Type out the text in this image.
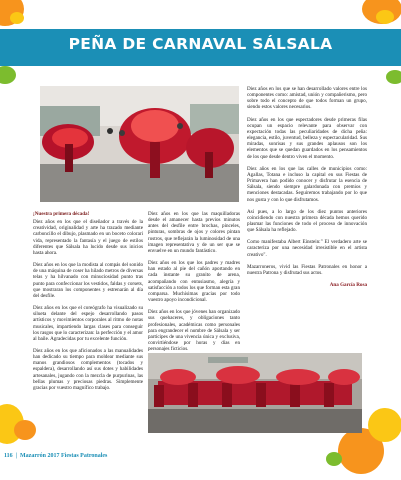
PEÑA DE CARNAVAL SÁLSALA

Diez años en los que se han desarrollado valores entre los componentes como: amistad, unión y compañerismo, pero sobre todo el concepto de que todos forman un grupo, siendo estos valores necesarios.

Diez años en los que espectadores desde primeras filas ocupan un espacio relevante para observar con expectación todas las peculiaridades de dicha peña: elegancia, estilo, juventud, belleza y espectacularidad. Sus miradas, sonrisas y sus grandes aplausos son los elementos que se quedan guardados en los pensamientos de los que desde dentro viven el momento.

Diez años en los que las calles de municipios como: Agallas, Totana e incluso la capital en sus Fiestas de Primavera han podido conocer y disfrutar la esencia de Sálsala, siendo siempre galardonada con premios y menciones destacadas. Seguiremos trabajando por lo que nos gusta y con lo que disfrutamos.

Así pues, a lo largo de los diez puntos anteriores coincidiendo con nuestra primera década hemos querido plasmar las funciones de todo el proceso de innovación que Sálsala ha reflejado.

Como manifestaba Albert Einstein:" El verdadero arte se caracteriza por una necesidad irresistible en el artista creativo".

Mazarroneros, vivid las Fiestas Patronales en honor a nuestra Patrona y disfrutad sus actos.

Ana García Rosa

¡Nuestra primera década!

Diez años en los que el diseñador a través de la creatividad, originalidad y arte ha trazado mediante carboncillo el dibujo, plasmado en un boceto colorari vida, representado la fantasía y el juego de estilos diferentes que Sálsala ha lucido desde sus inicios hasta ahora.

Diez años en los que la modista al compás del sonido de una máquina de coser ha hilado metros de diversas telas y ha hilvanado con minuciosidad punto tras punto para confeccionar los vestidos, faldas y corsets, que mostraran los componentes y estrenarán al día del desfile.

Diez años en los que el coreógrafo ha visualizado su silueta delante del espejo desarrollando pasos artísticos y movimientos corporales al ritmo de notas musicales, impartiendo largas clases para conseguir los rasgos que lo caracterizan: la perfección y el amor al baile. Agradecidas por tu excelente función.

Diez años en los que aficionados a las manualidades han dedicado su tiempo para moldear mediante sus manos grandiosos complementos (tocados y espaldera), desarrollando así sus dotes y habilidades artesanales, jugando con la mezcla de purpurinas, las bellas plumas y preciosas piedras. Simplemente gracias por vuestro magnífico trabajo.

Diez años en los que las maquilladoras desde el amanecer hasta previos minutos antes del desfile entre brochas, pinceles, pinturas, sombras de ojos y colores pintan rostros, que reflejarán la luminosidad de una imagen representativa y de un ser que se envuelve en un mundo fantástico.

Diez años en los que los padres y madres han estado al pie del cañón aportando en cada instante su granito de arena, acompañando con entusiasmo, alegría y satisfacción a todos los que forman esta gran comparsa. Muchísimas gracias por todo vuestro apoyo incondicional.

Diez años en los que jóvenes han organizado sus quehaceres, y obligaciones tanto profesionales, académicas como personales para engrandecer el nombre de Sálsala y ser partícipes de una vivencia única y exclusiva, convirtiéndose por horas y días en personajes ficticios.

116 | Mazarrón 2017 Fiestas Patronales
